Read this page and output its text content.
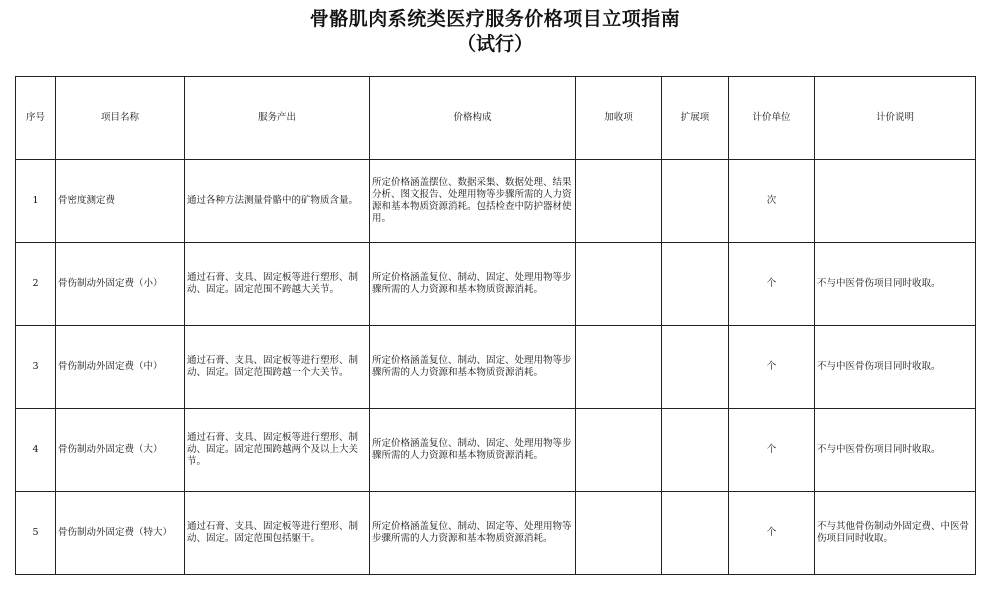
骨骼肌肉系统类医疗服务价格项目立项指南
（试行）
序号	项目名称	服务产出	价格构成	加收项	扩展项	计价单位	计价说明
1	骨密度测定费	通过各种方法测量骨骼中的矿物质含量。	所定价格涵盖摆位、数据采集、数据处理、结果分析、图文报告、处理用物等步骤所需的人力资源和基本物质资源消耗。包括检查中防护器材使用。			次	
2	骨伤制动外固定费（小）	通过石膏、支具、固定板等进行塑形、制动、固定。固定范围不跨越大关节。	所定价格涵盖复位、制动、固定、处理用物等步骤所需的人力资源和基本物质资源消耗。			个	不与中医骨伤项目同时收取。
3	骨伤制动外固定费（中）	通过石膏、支具、固定板等进行塑形、制动、固定。固定范围跨越一个大关节。	所定价格涵盖复位、制动、固定、处理用物等步骤所需的人力资源和基本物质资源消耗。			个	不与中医骨伤项目同时收取。
4	骨伤制动外固定费（大）	通过石膏、支具、固定板等进行塑形、制动、固定。固定范围跨越两个及以上大关节。	所定价格涵盖复位、制动、固定、处理用物等步骤所需的人力资源和基本物质资源消耗。			个	不与中医骨伤项目同时收取。
5	骨伤制动外固定费（特大）	通过石膏、支具、固定板等进行塑形、制动、固定。固定范围包括躯干。	所定价格涵盖复位、制动、固定等、处理用物等步骤所需的人力资源和基本物质资源消耗。			个	不与其他骨伤制动外固定费、中医骨伤项目同时收取。
